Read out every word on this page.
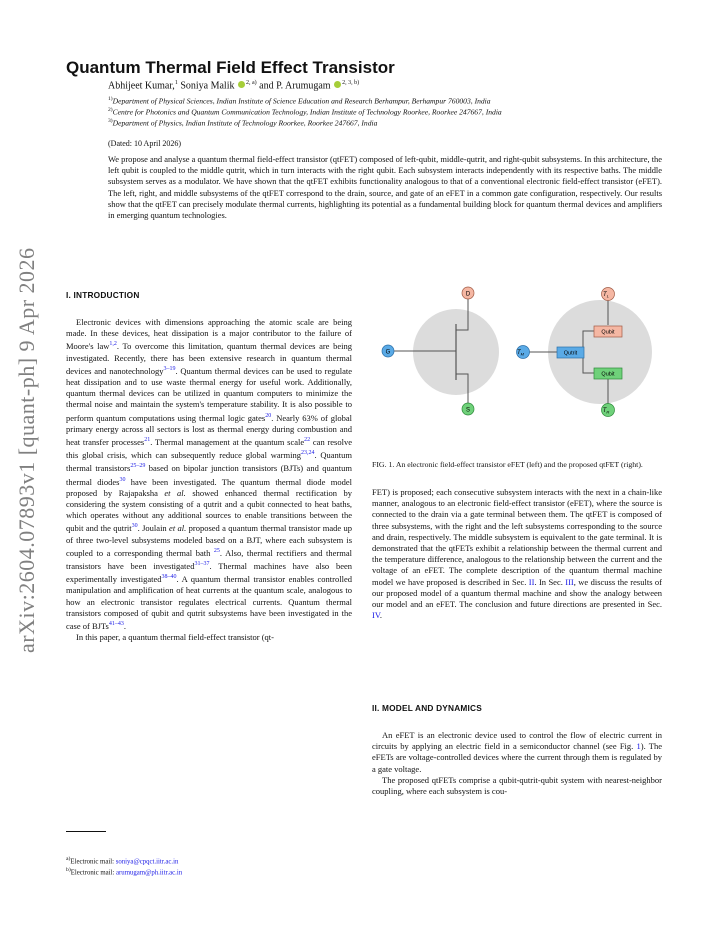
arXiv:2604.07893v1 [quant-ph] 9 Apr 2026
Quantum Thermal Field Effect Transistor
Abhijeet Kumar,$^1$ Soniya Malik $^{2, a)}$ and P. Arumugam $^{2, 3, b)}$
$^{1)}$Department of Physical Sciences, Indian Institute of Science Education and Research Berhampur, Berhampur 760003, India
$^{2)}$Centre for Photonics and Quantum Communication Technology, Indian Institute of Technology Roorkee, Roorkee 247667, India
$^{3)}$Department of Physics, Indian Institute of Technology Roorkee, Roorkee 247667, India
(Dated: 10 April 2026)
We propose and analyse a quantum thermal field-effect transistor (qtFET) composed of left-qubit, middle-qutrit, and right-qubit subsystems. In this architecture, the left qubit is coupled to the middle qutrit, which in turn interacts with the right qubit. Each subsystem interacts independently with its respective baths. The middle subsystem serves as a modulator. We have shown that the qtFET exhibits functionality analogous to that of a conventional electronic field-effect transistor (eFET). The left, right, and middle subsystems of the qtFET correspond to the drain, source, and gate of an eFET in a common gate configuration, respectively. Our results show that the qtFET can precisely modulate thermal currents, highlighting its potential as a fundamental building block for quantum thermal devices and amplifiers in emerging quantum technologies.
I. INTRODUCTION

Electronic devices with dimensions approaching the atomic scale are being made. In these devices, heat dissipation is a major contributor to the failure of Moore's law$^{1,2}$. To overcome this limitation, quantum thermal devices are being investigated. Recently, there has been extensive research in quantum thermal devices and nanotechnology$^{3-19}$. Quantum thermal devices can be used to regulate heat dissipation and to use waste thermal energy for useful work. Additionally, quantum thermal devices can be utilized in quantum computers to minimize the thermal noise and maintain the system's temperature stability. It is also possible to perform quantum computations using thermal logic gates$^{20}$. Nearly 63% of global primary energy across all sectors is lost as thermal energy during combustion and heat transfer processes$^{21}$. Thermal management at the quantum scale$^{22}$ can resolve this global crisis, which can subsequently reduce global warming$^{23,24}$. Quantum thermal transistors$^{25-29}$ based on bipolar junction transistors (BJTs) and quantum thermal diodes$^{30}$ have been investigated. The quantum thermal diode model proposed by Rajapaksha et al. showed enhanced thermal rectification by considering the system consisting of a qutrit and a qubit connected to heat baths, which operates without any additional sources to enable transitions between the qubit and the qutrit$^{30}$. Joulain et al. proposed a quantum thermal transistor made up of three two-level subsystems modeled based on a BJT, where each subsystem is coupled to a corresponding thermal bath $^{25}$. Also, thermal rectifiers and thermal transistors have been investigated$^{31-37}$. Thermal machines have also been experimentally investigated$^{38-40}$. A quantum thermal transistor enables controlled manipulation and amplification of heat currents at the quantum scale, analogous to how an electronic transistor regulates electrical currents. Quantum thermal transistors composed of qubit and qutrit subsystems have been investigated in the case of BJTs$^{41-43}$.

In this paper, a quantum thermal field-effect transistor (qt-

$^{a)}$Electronic mail: soniya@cpqct.iitr.ac.in
$^{b)}$Electronic mail: arumugam@ph.iitr.ac.in
D
G
S
Qutrit
Qubit
Qubit
$T_L$
$T_M$
$T_R$
FIG. 1. An electronic field-effect transistor eFET (left) and the proposed qtFET (right).
FET) is proposed; each consecutive subsystem interacts with the next in a chain-like manner, analogous to an electronic field-effect transistor (eFET), where the source is connected to the drain via a gate terminal between them. The qtFET is composed of three subsystems, with the right and the left subsystems corresponding to the source and drain, respectively. The middle subsystem is equivalent to the gate terminal. It is demonstrated that the qtFETs exhibit a relationship between the thermal current and the temperature difference, analogous to the relationship between the current and the voltage of an eFET. The complete description of the quantum thermal machine model we have proposed is described in Sec. II. In Sec. III, we discuss the results of our proposed model of a quantum thermal machine and show the analogy between our model and an eFET. The conclusion and future directions are presented in Sec. IV.
II. MODEL AND DYNAMICS

An eFET is an electronic device used to control the flow of electric current in circuits by applying an electric field in a semiconductor channel (see Fig. 1). The eFETs are voltage-controlled devices where the current through them is regulated by a gate voltage.

The proposed qtFETs comprise a qubit-qutrit-qubit system with nearest-neighbor coupling, where each subsystem is cou-
